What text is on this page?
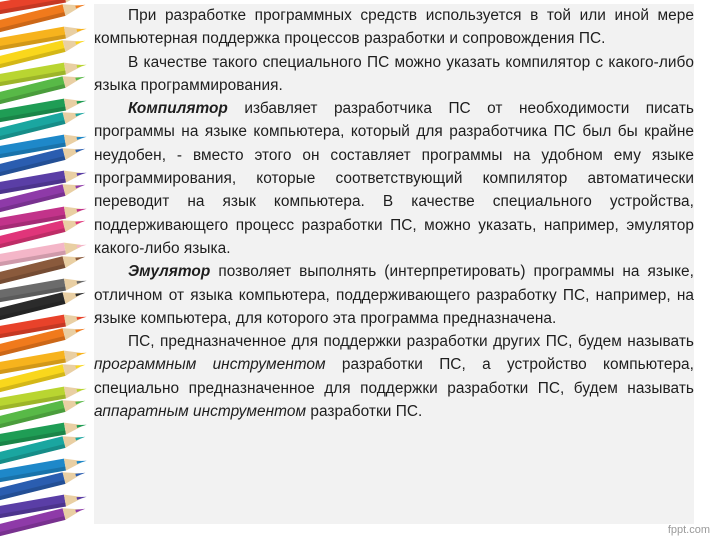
При разработке программных средств используется в той или иной мере компьютерная поддержка процессов разработки и сопровождения ПС.

В качестве такого специального ПС можно указать компилятор с какого-либо языка программирования.

Компилятор избавляет разработчика ПС от необходимости писать программы на языке компьютера, который для разработчика ПС был бы крайне неудобен, - вместо этого он составляет программы на удобном ему языке программирования, которые соответствующий компилятор автоматически переводит на язык компьютера. В качестве специального устройства, поддерживающего процесс разработки ПС, можно указать, например, эмулятор какого-либо языка.

Эмулятор позволяет выполнять (интерпретировать) программы на языке, отличном от языка компьютера, поддерживающего разработку ПС, например, на языке компьютера, для которого эта программа предназначена.

ПС, предназначенное для поддержки разработки других ПС, будем называть программным инструментом разработки ПС, а устройство компьютера, специально предназначенное для поддержки разработки ПС, будем называть аппаратным инструментом разработки ПС.

fppt.com
